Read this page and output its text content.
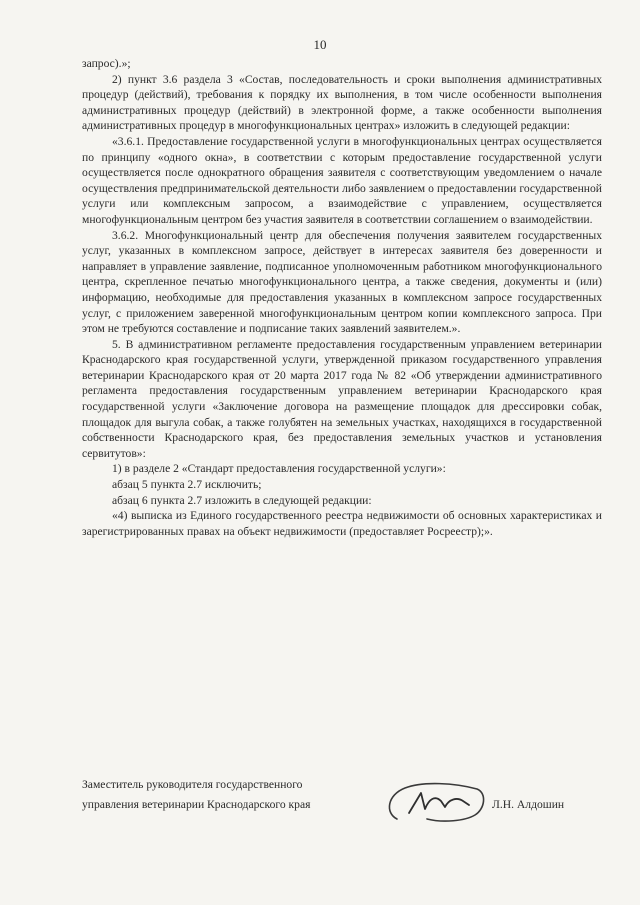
10

запрос).»;

2) пункт 3.6 раздела 3 «Состав, последовательность и сроки выполнения административных процедур (действий), требования к порядку их выполнения, в том числе особенности выполнения административных процедур (действий) в электронной форме, а также особенности выполнения административных процедур в многофункциональных центрах» изложить в следующей редакции:

«3.6.1. Предоставление государственной услуги в многофункциональных центрах осуществляется по принципу «одного окна», в соответствии с которым предоставление государственной услуги осуществляется после однократного обращения заявителя с соответствующим уведомлением о начале осуществления предпринимательской деятельности либо заявлением о предоставлении государственной услуги или комплексным запросом, а взаимодействие с управлением, осуществляется многофункциональным центром без участия заявителя в соответствии соглашением о взаимодействии.

3.6.2. Многофункциональный центр для обеспечения получения заявителем государственных услуг, указанных в комплексном запросе, действует в интересах заявителя без доверенности и направляет в управление заявление, подписанное уполномоченным работником многофункционального центра, скрепленное печатью многофункционального центра, а также сведения, документы и (или) информацию, необходимые для предоставления указанных в комплексном запросе государственных услуг, с приложением заверенной многофункциональным центром копии комплексного запроса. При этом не требуются составление и подписание таких заявлений заявителем.».

5. В административном регламенте предоставления государственным управлением ветеринарии Краснодарского края государственной услуги, утвержденной приказом государственного управления ветеринарии Краснодарского края от 20 марта 2017 года № 82 «Об утверждении административного регламента предоставления государственным управлением ветеринарии Краснодарского края государственной услуги «Заключение договора на размещение площадок для дрессировки собак, площадок для выгула собак, а также голубятен на земельных участках, находящихся в государственной собственности Краснодарского края, без предоставления земельных участков и установления сервитутов»:

1) в разделе 2 «Стандарт предоставления государственной услуги»:

абзац 5 пункта 2.7 исключить;

абзац 6 пункта 2.7 изложить в следующей редакции:

«4) выписка из Единого государственного реестра недвижимости об основных характеристиках и зарегистрированных правах на объект недвижимости (предоставляет Росреестр);».

Заместитель руководителя государственного
управления ветеринарии Краснодарского края	Л.Н. Алдошин
